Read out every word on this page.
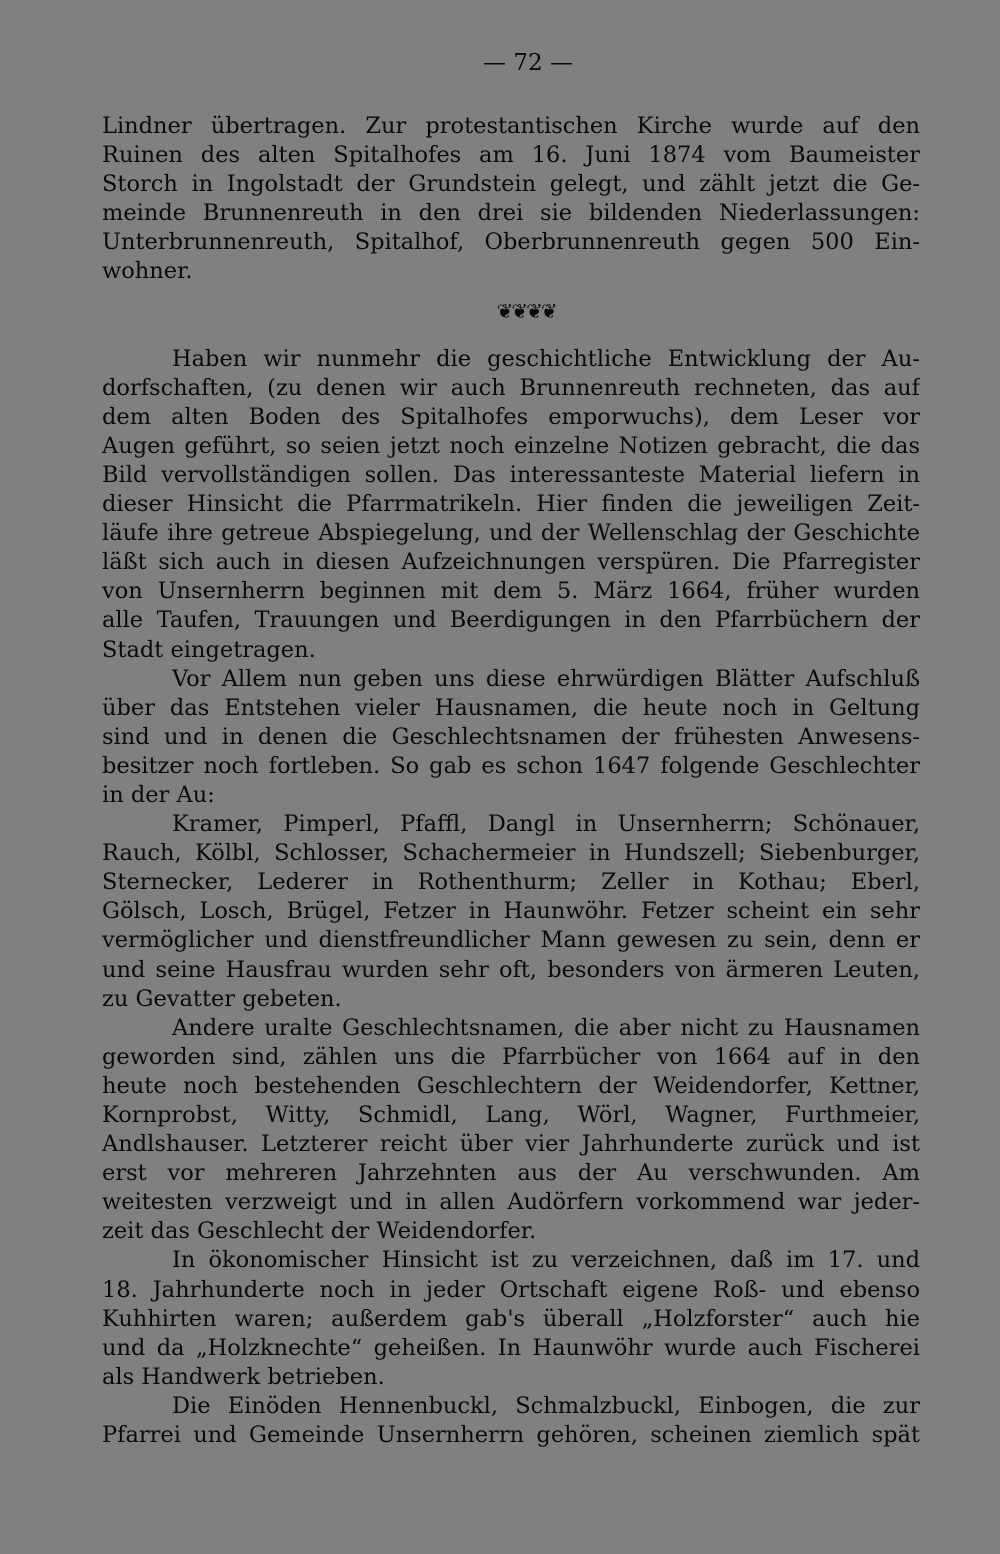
— 72 —
Lindner übertragen. Zur protestantischen Kirche wurde auf den
Ruinen des alten Spitalhofes am 16. Juni 1874 vom Baumeister
Storch in Ingolstadt der Grundstein gelegt, und zählt jetzt die Ge-
meinde Brunnenreuth in den drei sie bildenden Niederlassungen:
Unterbrunnenreuth, Spitalhof, Oberbrunnenreuth gegen 500 Ein-
wohner.
❦❦❦❦
Haben wir nunmehr die geschichtliche Entwicklung der Au-
dorfschaften, (zu denen wir auch Brunnenreuth rechneten, das auf
dem alten Boden des Spitalhofes emporwuchs), dem Leser vor
Augen geführt, so seien jetzt noch einzelne Notizen gebracht, die das
Bild vervollständigen sollen. Das interessanteste Material liefern in
dieser Hinsicht die Pfarrmatrikeln. Hier finden die jeweiligen Zeit-
läufe ihre getreue Abspiegelung, und der Wellenschlag der Geschichte
läßt sich auch in diesen Aufzeichnungen verspüren. Die Pfarregister
von Unsernherrn beginnen mit dem 5. März 1664, früher wurden
alle Taufen, Trauungen und Beerdigungen in den Pfarrbüchern der
Stadt eingetragen.
Vor Allem nun geben uns diese ehrwürdigen Blätter Aufschluß
über das Entstehen vieler Hausnamen, die heute noch in Geltung
sind und in denen die Geschlechtsnamen der frühesten Anwesens-
besitzer noch fortleben. So gab es schon 1647 folgende Geschlechter
in der Au:
Kramer, Pimperl, Pfaffl, Dangl in Unsernherrn; Schönauer,
Rauch, Kölbl, Schlosser, Schachermeier in Hundszell; Siebenburger,
Sternecker, Lederer in Rothenthurm; Zeller in Kothau; Eberl,
Gölsch, Losch, Brügel, Fetzer in Haunwöhr. Fetzer scheint ein sehr
vermöglicher und dienstfreundlicher Mann gewesen zu sein, denn er
und seine Hausfrau wurden sehr oft, besonders von ärmeren Leuten,
zu Gevatter gebeten.
Andere uralte Geschlechtsnamen, die aber nicht zu Hausnamen
geworden sind, zählen uns die Pfarrbücher von 1664 auf in den
heute noch bestehenden Geschlechtern der Weidendorfer, Kettner,
Kornprobst, Witty, Schmidl, Lang, Wörl, Wagner, Furthmeier,
Andlshauser. Letzterer reicht über vier Jahrhunderte zurück und ist
erst vor mehreren Jahrzehnten aus der Au verschwunden. Am
weitesten verzweigt und in allen Audörfern vorkommend war jeder-
zeit das Geschlecht der Weidendorfer.
In ökonomischer Hinsicht ist zu verzeichnen, daß im 17. und
18. Jahrhunderte noch in jeder Ortschaft eigene Roß- und ebenso
Kuhhirten waren; außerdem gab's überall „Holzforster“ auch hie
und da „Holzknechte“ geheißen. In Haunwöhr wurde auch Fischerei
als Handwerk betrieben.
Die Einöden Hennenbuckl, Schmalzbuckl, Einbogen, die zur
Pfarrei und Gemeinde Unsernherrn gehören, scheinen ziemlich spät
